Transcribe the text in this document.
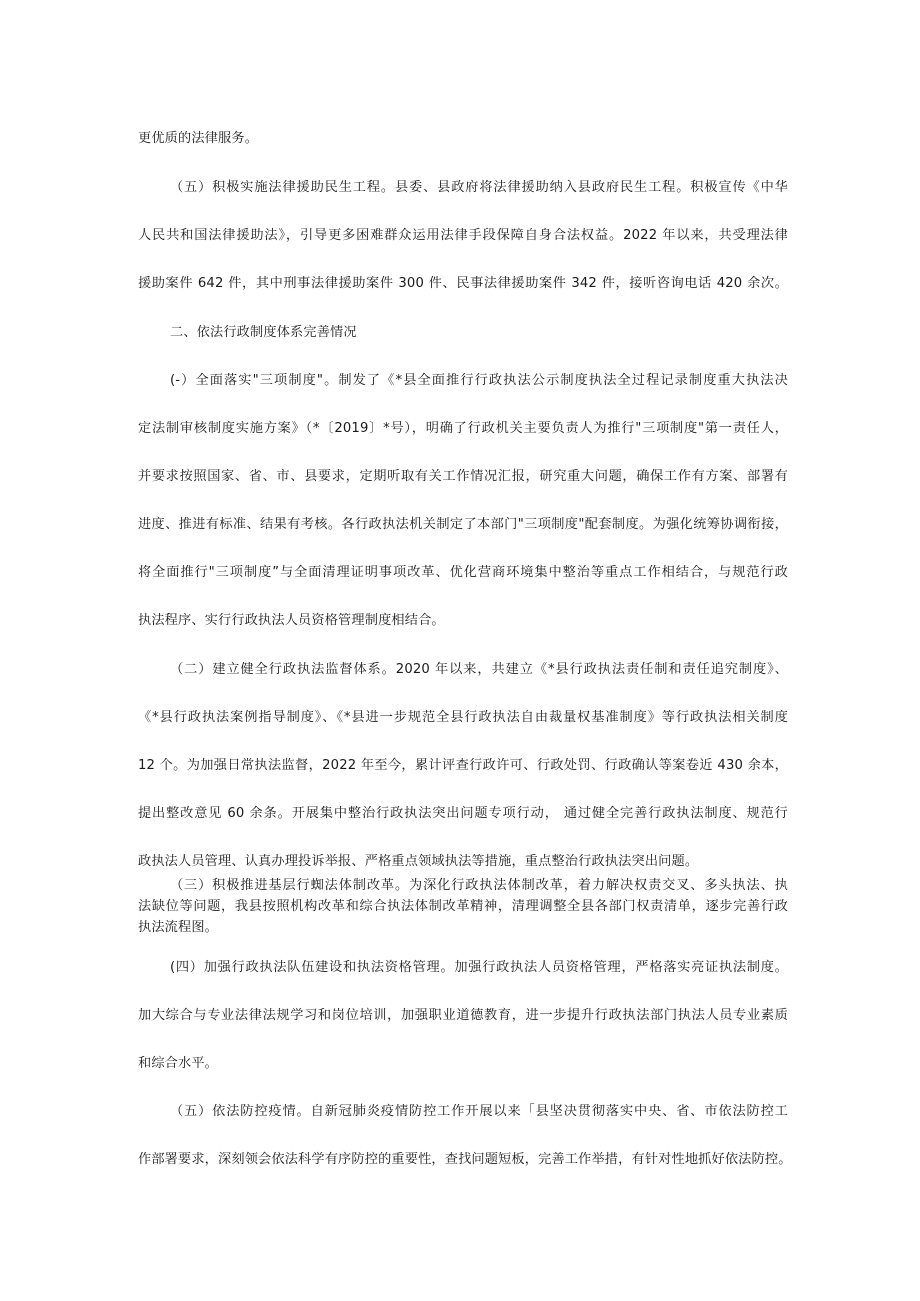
更优质的法律服务。
（五）积极实施法律援助民生工程。县委、县政府将法律援助纳入县政府民生工程。积极宣传《中华
人民共和国法律援助法》，引导更多困难群众运用法律手段保障自身合法权益。2022 年以来，共受理法律
援助案件 642 件，其中刑事法律援助案件 300 件、民事法律援助案件 342 件，接听咨询电话 420 余次。
二、依法行政制度体系完善情况
(-）全面落实"三项制度"。制发了《*县全面推行行政执法公示制度执法全过程记录制度重大执法决
定法制审核制度实施方案》（*〔2019〕*号），明确了行政机关主要负责人为推行"三项制度"第一责任人，
并要求按照国家、省、市、县要求，定期听取有关工作情况汇报，研究重大问题，确保工作有方案、部署有
进度、推进有标准、结果有考核。各行政执法机关制定了本部门"三项制度"配套制度。为强化统筹协调衔接，
将全面推行"三项制度”与全面清理证明事项改革、优化营商环境集中整治等重点工作相结合，与规范行政
执法程序、实行行政执法人员资格管理制度相结合。
（二）建立健全行政执法监督体系。2020 年以来，共建立《*县行政执法责任制和责任追究制度》、
《*县行政执法案例指导制度》、《*县进一步规范全县行政执法自由裁量权基准制度》等行政执法相关制度
12 个。为加强日常执法监督，2022 年至今，累计评查行政许可、行政处罚、行政确认等案卷近 430 余本，
提出整改意见 60 余条。开展集中整治行政执法突出问题专项行动， 通过健全完善行政执法制度、规范行
政执法人员管理、认真办理投诉举报、严格重点领域执法等措施，重点整治行政执法突出问题。
（三）积极推进基层行蜘法体制改革。为深化行政执法体制改革，着力解决权责交叉、多头执法、执
法缺位等问题，我县按照机构改革和综合执法体制改革精神，清理调整全县各部门权责清单，逐步完善行政
执法流程图。
(四）加强行政执法队伍建设和执法资格管理。加强行政执法人员资格管理，严格落实亮证执法制度。
加大综合与专业法律法规学习和岗位培训，加强职业道德教育，进一步提升行政执法部门执法人员专业素质
和综合水平。
（五）依法防控疫情。自新冠肺炎疫情防控工作开展以来「县坚决贯彻落实中央、省、市依法防控工
作部署要求，深刻领会依法科学有序防控的重要性，查找问题短板，完善工作举措，有针对性地抓好依法防控。
